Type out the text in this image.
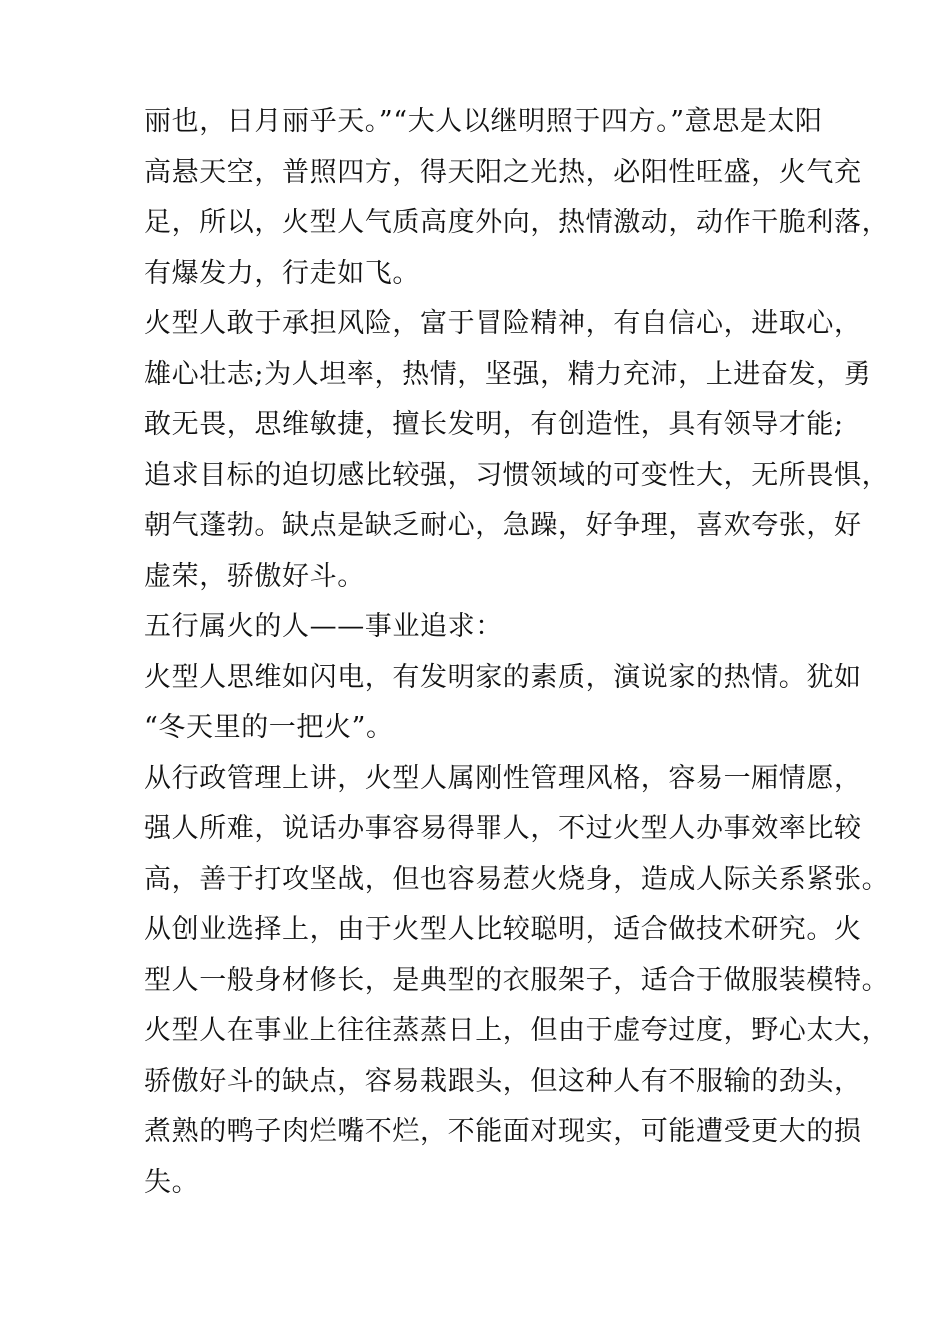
丽也，日月丽乎天。”“大人以继明照于四方。”意思是太阳
高悬天空，普照四方，得天阳之光热，必阳性旺盛，火气充
足，所以，火型人气质高度外向，热情激动，动作干脆利落，
有爆发力，行走如飞。
火型人敢于承担风险，富于冒险精神，有自信心，进取心，
雄心壮志;为人坦率，热情，坚强，精力充沛，上进奋发，勇
敢无畏，思维敏捷，擅长发明，有创造性，具有领导才能;
追求目标的迫切感比较强，习惯领域的可变性大，无所畏惧，
朝气蓬勃。缺点是缺乏耐心，急躁，好争理，喜欢夸张，好
虚荣，骄傲好斗。
五行属火的人——事业追求：
火型人思维如闪电，有发明家的素质，演说家的热情。犹如
“冬天里的一把火”。
从行政管理上讲，火型人属刚性管理风格，容易一厢情愿，
强人所难，说话办事容易得罪人，不过火型人办事效率比较
高，善于打攻坚战，但也容易惹火烧身，造成人际关系紧张。
从创业选择上，由于火型人比较聪明，适合做技术研究。火
型人一般身材修长，是典型的衣服架子，适合于做服装模特。
火型人在事业上往往蒸蒸日上，但由于虚夸过度，野心太大，
骄傲好斗的缺点，容易栽跟头，但这种人有不服输的劲头，
煮熟的鸭子肉烂嘴不烂，不能面对现实，可能遭受更大的损
失。
